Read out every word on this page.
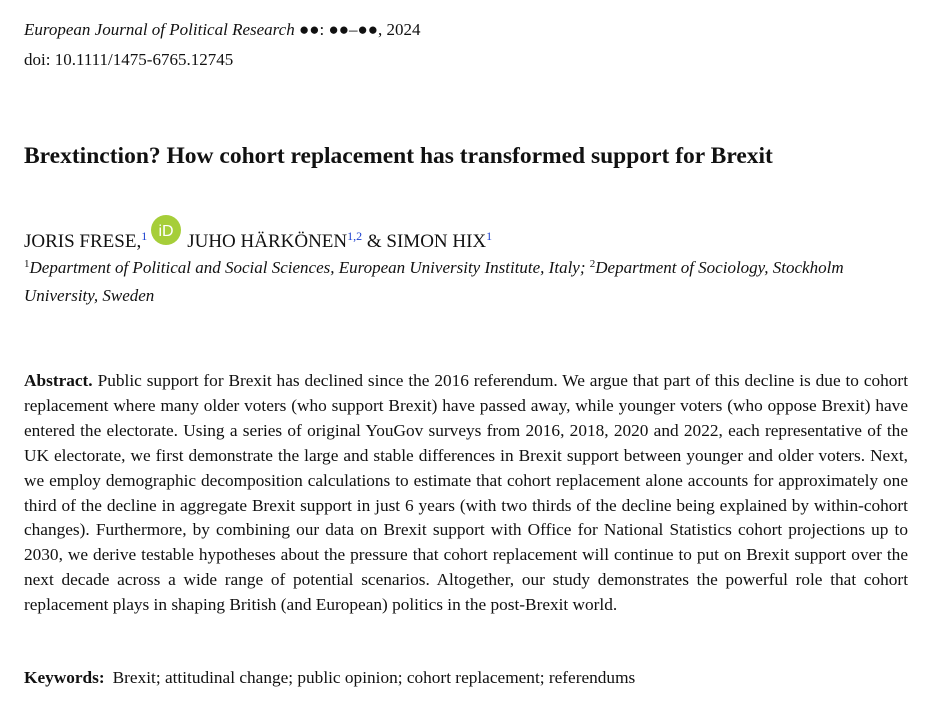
European Journal of Political Research ●●: ●●–●●, 2024
doi: 10.1111/1475-6765.12745
Brextinction? How cohort replacement has transformed support for Brexit
JORIS FRESE,$^1$ iD JUHO HÄRKÖNEN$^{1,2}$ & SIMON HIX$^1$
$^1$Department of Political and Social Sciences, European University Institute, Italy; $^2$Department of Sociology, Stockholm University, Sweden

Abstract. Public support for Brexit has declined since the 2016 referendum. We argue that part of this decline is due to cohort replacement where many older voters (who support Brexit) have passed away, while younger voters (who oppose Brexit) have entered the electorate. Using a series of original YouGov surveys from 2016, 2018, 2020 and 2022, each representative of the UK electorate, we first demonstrate the large and stable differences in Brexit support between younger and older voters. Next, we employ demographic decomposition calculations to estimate that cohort replacement alone accounts for approximately one third of the decline in aggregate Brexit support in just 6 years (with two thirds of the decline being explained by within-cohort changes). Furthermore, by combining our data on Brexit support with Office for National Statistics cohort projections up to 2030, we derive testable hypotheses about the pressure that cohort replacement will continue to put on Brexit support over the next decade across a wide range of potential scenarios. Altogether, our study demonstrates the powerful role that cohort replacement plays in shaping British (and European) politics in the post-Brexit world.

Keywords: Brexit; attitudinal change; public opinion; cohort replacement; referendums
